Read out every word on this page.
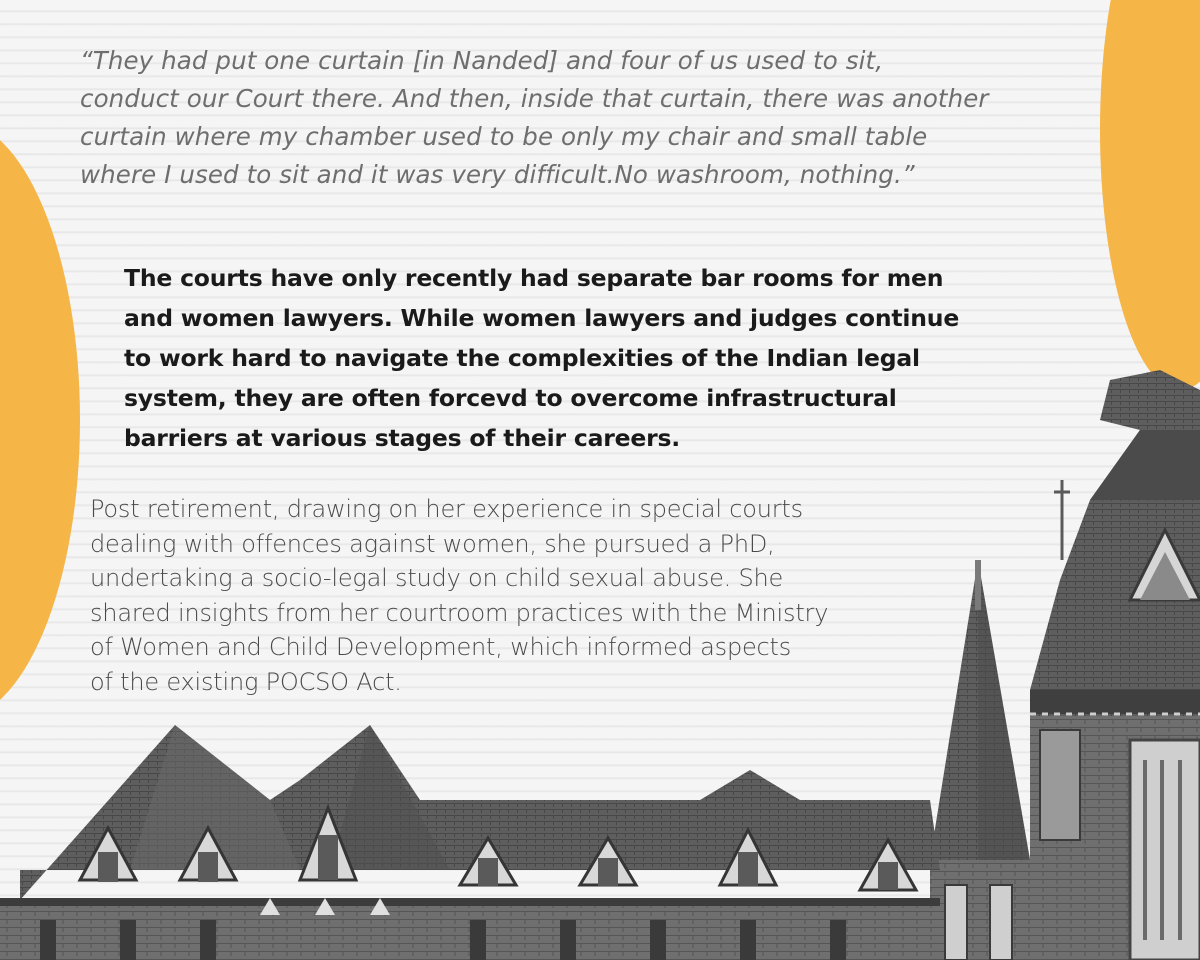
“They had put one curtain [in Nanded] and four of us used to sit,
conduct our Court there. And then, inside that curtain, there was another
curtain where my chamber used to be only my chair and small table
where I used to sit and it was very difficult.No washroom, nothing.”

The courts have only recently had separate bar rooms for men
and women lawyers. While women lawyers and judges continue
to work hard to navigate the complexities of the Indian legal
system, they are often forcevd to overcome infrastructural
barriers at various stages of their careers.

Post retirement, drawing on her experience in special courts
dealing with offences against women, she pursued a PhD,
undertaking a socio-legal study on child sexual abuse. She
shared insights from her courtroom practices with the Ministry
of Women and Child Development, which informed aspects
of the existing POCSO Act.
